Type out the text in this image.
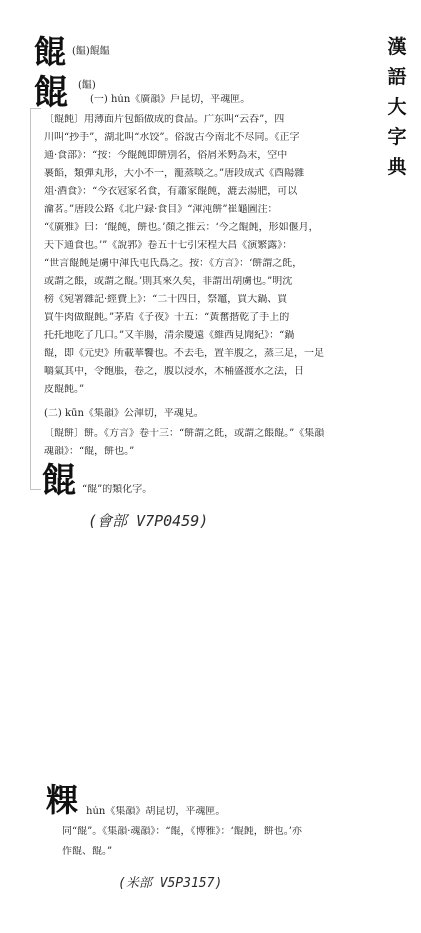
漢
語
大
字
典
餛 (饂)餛饂
餛 (饂)
(一) hún《廣韻》戶昆切，平魂匣。
〔餛飩〕用薄面片包餡做成的食品。广东叫“云吞”，四
川叫“抄手”，湖北叫“水饺”。俗說古今南北不尽同。《正字
通·食部》：“按：今餛飩即餅別名，俗屑米麪為末，空中
裹餡，類彈丸形，大小不一，籠蒸啖之。”唐段成式《酉陽雜
俎·酒食》：“今衣冠家名食，有蕭家餛飩，漉去湯肥，可以
瀹茗。”唐段公路《北户録·食目》“渾沌餅”崔龜圖注：
“《廣雅》曰：‘餛飩，餅也。’顏之推云：‘今之餛飩，形如偃月，
天下通食也。’”《說郛》卷五十七引宋程大昌《演繁露》：
“世言餛飩是虜中渾氏屯氏爲之。按：《方言》：‘餅謂之飥，
或謂之餦，或謂之餛。’則其來久矣，非謂出胡虜也。”明沈
榜《宛署雜記·經費上》：“二十四日，祭竈，買大鍋、買
買牛肉做餛飩。”茅盾《子夜》十五：“黃奮揩乾了手上的
托托地吃了几口。”又羊腸，清余慶遠《維西見聞紀》：“鍋
餛，即《元史》所載華饗也。不去毛，置羊腹之，蒸三足，一足
嚼氣其中，令飽脹，卷之，腹以浸水，木桶盛渡水之法，日
皮餛飩。”
(二) kūn《集韻》公渾切，平魂見。
〔餛餅〕餅。《方言》卷十三：“餅謂之飥，或謂之餦餛。”《集韻
魂韻》：“餛，餅也。”
餛 “餛”的類化字。
(會部 V7P0459)
粿 hún《集韻》胡昆切，平魂匣。
同“餛”。《集韻·魂韻》：“餛，《博雅》：‘餛飩，餅也。’亦
作餛、餛。”
(米部 V5P3157)
